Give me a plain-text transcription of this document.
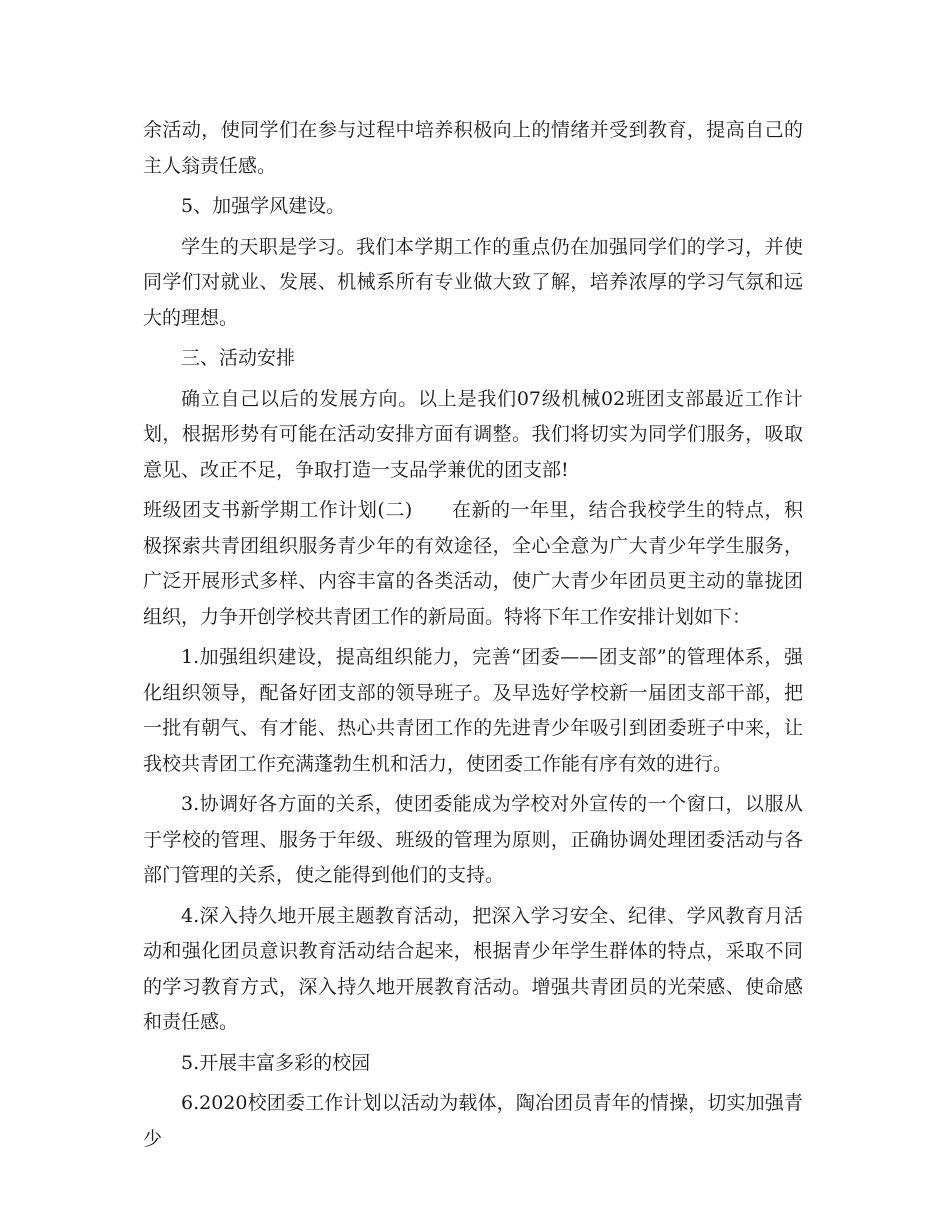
余活动，使同学们在参与过程中培养积极向上的情绪并受到教育，提高自己的主人翁责任感。

5、加强学风建设。

学生的天职是学习。我们本学期工作的重点仍在加强同学们的学习，并使同学们对就业、发展、机械系所有专业做大致了解，培养浓厚的学习气氛和远大的理想。

三、活动安排

确立自己以后的发展方向。以上是我们07级机械02班团支部最近工作计划，根据形势有可能在活动安排方面有调整。我们将切实为同学们服务，吸取意见、改正不足，争取打造一支品学兼优的团支部!

班级团支书新学期工作计划(二)　　在新的一年里，结合我校学生的特点，积极探索共青团组织服务青少年的有效途径，全心全意为广大青少年学生服务，广泛开展形式多样、内容丰富的各类活动，使广大青少年团员更主动的靠拢团组织，力争开创学校共青团工作的新局面。特将下年工作安排计划如下：

1.加强组织建设，提高组织能力，完善“团委——团支部”的管理体系，强化组织领导，配备好团支部的领导班子。及早选好学校新一届团支部干部，把一批有朝气、有才能、热心共青团工作的先进青少年吸引到团委班子中来，让我校共青团工作充满蓬勃生机和活力，使团委工作能有序有效的进行。

3.协调好各方面的关系，使团委能成为学校对外宣传的一个窗口，以服从于学校的管理、服务于年级、班级的管理为原则，正确协调处理团委活动与各部门管理的关系，使之能得到他们的支持。

4.深入持久地开展主题教育活动，把深入学习安全、纪律、学风教育月活动和强化团员意识教育活动结合起来，根据青少年学生群体的特点，采取不同的学习教育方式，深入持久地开展教育活动。增强共青团员的光荣感、使命感和责任感。

5.开展丰富多彩的校园

6.2020校团委工作计划以活动为载体，陶冶团员青年的情操，切实加强青少
